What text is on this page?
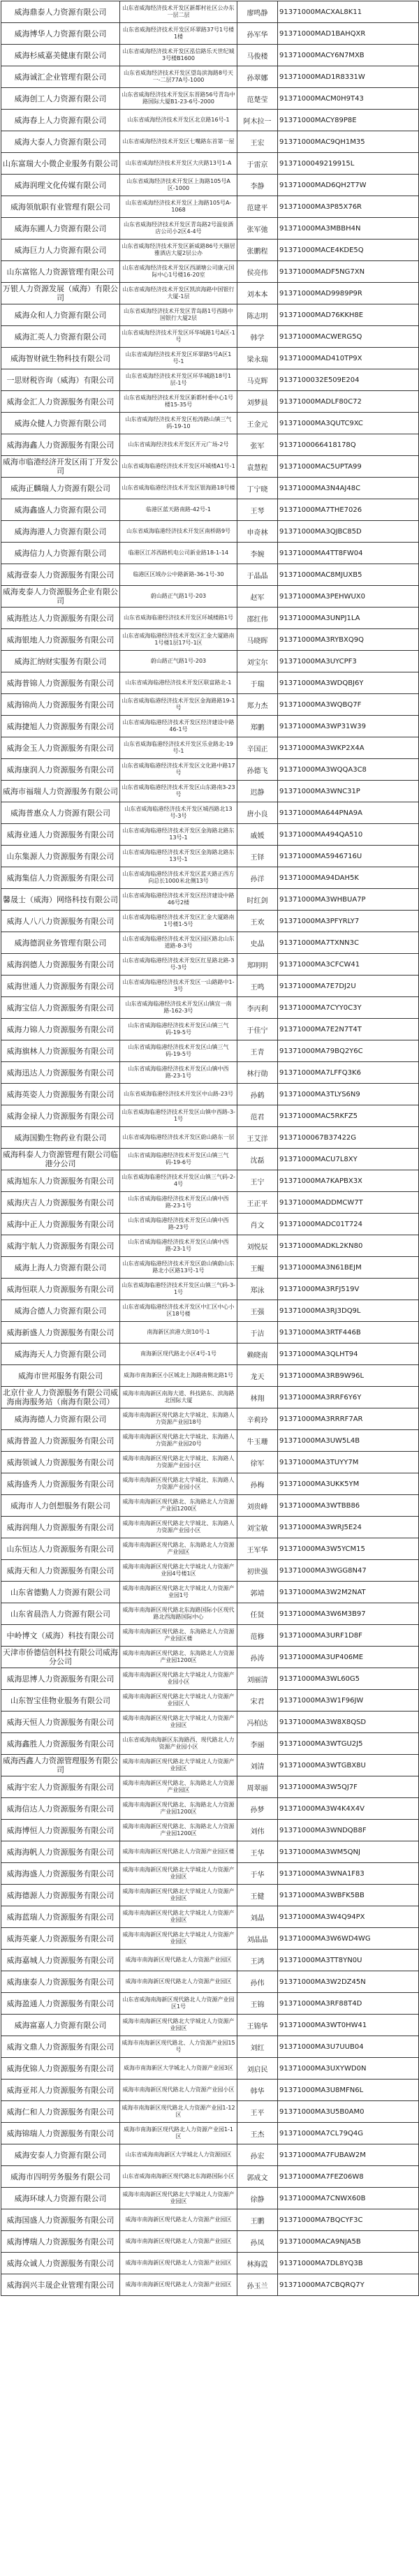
威海鼎泰人力资源有限公司	山东省威海经济技术开发区新都村社区公办东一层二层	廖鸣静	91371000MACXAL8K11
威海博华人力资源有限公司	山东省威海经济技术开发区环翠路37号1号楼1楼	孙军华	91371000MAD1BAHQXR
威海杉威嘉美健康有限公司	山东省威海经济技术开发区泓信路乐天世纪城3号楼B1600	马俊楼	91371000MACY6N7MXB
威海诚汇企业管理有限公司	山东省威海经济技术开发区望岛滨海路8号天一-二层77A号-1000	孙翠娜	91371000MAD1R8331W
威海创工人力资源有限公司	山东省威海经济技术开发区东晋路56号青岛中路国际大厦B1-23-6号-2000	范楚莹	91371000MACM0H9T43
威海春上人力资源有限公司	山东省威海经济技术开发区北京路16号-1	阿木拉一	91371000MACY89P8E
威海大泰人力资源有限公司	山东省威海经济技术开发区七嘴路东首第一屋	王宏	91371000MAC9QH1M35
山东富瑞大小微企业服务有限公司	山东省威海经济技术开发区大庆路13号1-A	于雷京	9137100049219915L
威海润理文化传媒有限公司	山东省威海经济技术开发区上海路105号A区-1000	李静	91371000MAD6QH2T7W
威海领航职有业管理有限公司	山东省威海经济技术开发区上海路105号A-1068	范建平	91371000MA3P85X76R
威海东圃人力资源有限公司	山东省威海经济技术开发区青岛路2号温泉酒店公司小2区4-4号	张军弛	91371000MA3MBBH4N
威海巨力人力资源有限公司	山东省威海经济技术开发区新威路86号天颐居雅酒店大厦2层公办	张鹏程	91371000MACE4KDE5Q
山东富铭人力资源管理有限公司	山东省威海经济技术开发区西湖塘公司康元国际中心1号楼16-20室	侯亮伟	91371000MADF5NG7XN
万银人力资源发展（威海）有限公司	山东省威海经济技术开发区凯滨海路中国银行大厦-1层	刘本本	91371000MAD9989P9R
威海众和人力资源有限公司	山东省威海经济技术开发区青岛路1号西路中国银行大厦2层	陈志明	91371000MAD76KKH8E
威海汇英人力资源有限公司	山东省威海经济技术开发区环华城路1号A区-1号	韩学	91371000MACWERG5Q
威海智财就生物科技有限公司	山东省威海经济技术开发区环翠路5号A区1号-1	梁永瑞	91371000MAD410TP9X
一思财税咨询（威海）有限公司	山东省威海经济技术开发区环华城路18号1层-1号	马克辉	9137100032E509E204
威海金汇人力资源服务有限公司	山东省威海经济技术开发区新都村委中心1号楼15-35号	刘梦晨	91371000MADLF80C72
威海众健人力资源有限公司	山东省威海经济技术开发区松涛路山镇三气码-19-10	王金元	91371000MA3QUTC9XC
威海海鑫人力资源服务有限公司	山东省威海经济技术开发区开元广场-2号	张军	9137100066418178Q
威海市临港经济开发区雨丁开发公司	山东省威海临港经济技术开发区环城楼A1号-1	袁慧程	91371000MAC5UPTA99
威海正麟瑞人力资源有限公司	山东省威海临港经济技术开发区银海路18号楼	丁宁晓	91371000MA3N4AJ48C
威海鑫盛人力资源有限公司	临港区蓝天路南路-42号-1	王琴	91371000MA7THE7026
威海海港人力资源有限公司	山东省威海临港经济技术开发区南桥路9号	申奇林	91371000MA3QJBC85D
威海信力人力资源有限公司	临港区江苏西路机电公司新业路18-1-14	李婉	91371000MA4TT8FW04
威海壹泰人力资源服务有限公司	临港区区域办公中路新路-36-1号-30	于晶晶	91371000MAC8MJUXB5
威海麦泰人力资源服务企业有限公司	蔚山路正气路1号-203	赵军	91371000MA3PEHWUX0
威海胜达人力资源服务有限公司	山东省威海临港经济技术开发区环城楼路1号	邵红伟	91371000MA3UNPJ1LA
威海银地人力资源服务有限公司	山东省威海临港经济技术开发区汇金大厦路南1号楼1层17号-1区	马晓晖	91371000MA3RYBXQ9Q
威海汇纳财实服务有限公司	蔚山路正气路1号-203	刘宝尔	91371000MA3UYCPF3
威海普锦人力资源服务有限公司	山东省威海临港经济技术开发区联富路北-1	于瑞	91371000MA3WDQBJ6Y
威海锦尚人力资源服务有限公司	山东省威海临港经济技术开发区金海路路19-1号	郑力杰	91371000MA3WQBQ7F
威海捷旭人力资源服务有限公司	山东省威海临港经济技术开发区经济建设中路46-1号	郑鹏	91371000MA3WP31W39
威海金玉人力资源服务有限公司	山东省威海临港经济技术开发区乐业路北-19号-1	辛国正	91371000MA3WKP2X4A
威海康润人力资源服务有限公司	山东省威海临港经济技术开发区文化路中路17号	孙德飞	91371000MA3WQQA3C8
威海市福瑞人力资源服务有限公司	山东省威海临港经济技术开发区山东路南3-23号	迟静	91371000MA3WNC31P
威海普惠众人力资源有限公司	山东省威海临港经济技术开发区城西路北13号-3号	唐小良	91371000MA644PNA9A
威海业通人力资源服务有限公司	山东省威海临港经济技术开发区金海路北路东13号-1	戚媛	91371000MA494QA510
山东集源人力资源服务有限公司	山东省威海临港经济技术开发区金海路北路东13号-1	王铎	91371000MA5946716U
威海集信人力资源服务有限公司	山东省威海临港经济技术开发区蓝天路正西方向总长1000米北侧13号	孙洋	91371000MA94DAH5K
馨晟士（威海）网络科技有限公司	山东省威海临港经济技术开发区经济建设中路46号2楼	时红剑	91371000MA3WHBUA7P
威海人八八力资源服务有限公司	山东省威海临港经济技术开发区汇金大厦路南1号楼1-5号	王欢	91371000MA3PFYRLY7
威海德润业务管理有限公司	山东省威海临港经济技术开发区园区路北山东道路-8-3号	史晶	91371000MA7TXNN3C
威海润德人力资源服务有限公司	山东省威海临港经济技术开发区红星路北路-3号-3号	郑明明	91371000MA3CFCW41
威海世通人力资源服务有限公司	山东省威海临港经济技术开发区一山路路中1-3号	王鸣	91371000MA7E7DJ2U
威海宝信人力资源服务有限公司	山东省威海临港经济技术开发区山镇宜一南路-162-3号	李丙利	91371000MA7CYY0C3Y
威海力锦人力资源服务有限公司	山东省威海临港经济技术开发区山镇三气码-19-5号	于佳宁	91371000MA7E2N7T4T
威海旗林人力资源服务有限公司	山东省威海临港经济技术开发区山镇三气码-19-5号	王青	91371000MA79BQ2Y6C
威海迅达人力资源服务有限公司	山东省威海临港经济技术开发区山镇中西路-23-1号	林行勋	91371000MA7LFFQ3K6
威海英姿人力资源服务有限公司	山东省威海临港经济技术开发区中山路-23号	孙鹤	91371000MA3TLYS6N9
威海金禄人力资源服务有限公司	山东省威海临港经济技术开发区山镇中西路-3-1号	范君	91371000MAC5RKFZ5
威海国勤生物药业有限公司	山东省威海临港经济技术开发区蔚山路东一层	王艾洋	9137100067B37422G
威海科泰人力资源管理有限公司临港分公司	山东省威海临港经济技术开发区山镇三气码-19-6号	沈磊	91371000MACU7L8XY
威海旭东人力资源服务有限公司	山东省威海临港经济技术开发区山镇三气码-2-4号	王宁	91371000MA7KAPBX3X
威海庆吉人力资源服务有限公司	山东省威海临港经济技术开发区山镇中西路-23-1号	王正平	91371000MADDMCW7T
威海中正人力资源服务有限公司	山东省威海临港经济技术开发区山镇中西路-23号	肖文	91371000MADC01T724
威海宇航人力资源服务有限公司	山东省威海临港经济技术开发区山镇中西路-23-1号	刘悦辰	91371000MADKL2KN80
威海上海人力资源有限公司	山东省威海临港经济技术开发区蔚山镇蔚山东路北小区路13号-1号	王鲲	91371000MA3N61BEJM
威海恒联人力资源服务有限公司	山东省威海临港经济技术开发区山镇三气码-3-1号	郑泳	91371000MA3RFJ519V
威海合德人力资源有限公司	山东省威海临港经济技术开发区中汇区中心小区18号楼	王强	91371000MA3RJ3DQ9L
威海新盛人力资源服务有限公司	南海新区滨港大街10号-1	于洁	91371000MA3RTF446B
威海海天人力资源有限公司	南海新区现代路北小区4号-1号	赖晓南	91371000MA3QLHT94
威海市世邦服务有限公司	威海市南海新区小区城北上海路南侧北路1号	龙天	91371000MA3RB9W96L
北京什业人力资源服务有限公司威海南海服务站（南海有限公司）	威海市南海新区南海大道、科技路东、滨海路北国际大厦	林翔	91371000MA3RRF6Y6Y
威海海德人力资源有限公司	威海市南海新区现代路北大学城北、东海路人力资源产业园18号	辛莉玲	91371000MA3RRRF7AR
威海普盈人力资源服务有限公司	威海市南海新区现代路北大学城北、东海路人力资源产业园20号	牛玉珊	91371000MA3UW5L4B
威海领诚人力资源服务有限公司	威海市南海新区现代路北大学城北、东海路人力资源产业园小区	徐军	91371000MA3TUYY7M
威海盛秀人力资源服务有限公司	威海市南海新区现代路北大学城北、东海路人力资源产业园小区	孙梅	91371000MA3UKK5YM
威海市人力创想服务有限公司	威海市南海新区现代路北、东海路北人力资源产业园1200区	刘贵峰	91371000MA3WTBB86
威海润翔人力资源服务有限公司	威海市南海新区现代路北大学城北、东海路人力资源产业园小区	刘宝敏	91371000MA3WRJ5E24
山东恒达人力资源服务有限公司	威海市南海新区现代路北、东海路北人力资源产业园区	王军华	91371000MA3W5YCM15
威海天和人力资源服务有限公司	威海市南海新区现代路北大学城北人力资源产业园4号楼1区	初世强	91371000MA3WGG8N47
山东省德勤人力资源有限公司	威海市南海新区现代路北大学城北人力资源产业园1号	郭靖	91371000MA3W2M2NAT
山东省晨浩人力资源有限公司	威海市南海新区现代路北东海路国际小区现代路北西海路国际中心	任贤	91371000MA3W6M3B97
中岭博文（威海）科技有限公司	威海市南海新区现代路北、东海路北人力资源产业园区楼	范修	91371000MA3URF1D8F
天津市侨德信创科技有限公司威海分公司	威海市南海新区现代路北、东海路北人力资源产业园1200区	孙涛	91371000MA3UP406ME
威海思博人力资源服务有限公司	威海市南海新区现代路北大学城北人力资源产业园小区	刘丽清	91371000MA3WL60G5
山东智宝佳物业服务有限公司	威海市南海新区现代路北大学城北人力资源产业园区人	宋君	91371000MA3W1F96JW
威海天恒人力资源服务有限公司	威海市南海新区现代路北大学城北人力资源产业园区	冯柏达	91371000MA3W8X8QSD
威海鑫胜人力资源服务有限公司	山东省威海南海新区东海路西、现代路北人力资源产业园小区	李丽	91371000MA3WTGU2J5
威海西鑫人力资源管理服务有限公司	威海市南海新区现代路北大学城北人力资源产业园区	刘清	91371000MA3WTGBX8U
威海宇宏人力资源服务有限公司	威海市南海新区现代路北、东海路北人力资源产业园区	周翠丽	91371000MA3W5QJ7F
威海信达人力资源服务有限公司	威海市南海新区现代路北、东海路北人力资源产业园1200区	孙梦	91371000MA3W4K4X4V
威海博恒人力资源服务有限公司	威海市南海新区现代路北、东海路北人力资源产业园1200区	刘伟	91371000MA3WNDQB8F
威海海帆人力资源服务有限公司	威海市南海新区现代路北人力资源产业园区楼	王华	91371000MA3WM5QNJ
威海海盛人力资源服务有限公司	威海市南海新区现代路北大学城北人力资源产业园区	于华	91371000MA3WNA1F83
威海德源人力资源服务有限公司	威海市南海新区现代路北大学城北人力资源产业园区	王健	91371000MA3WBFK5BB
威海蓝瑞人力资源服务有限公司	威海市南海新区现代路北大学城北人力资源产业园区	刘晶	91371000MA3W4Q94PX
威海英豪人力资源服务有限公司	威海市南海新区现代路北大学城北人力资源产业园区	刘晶晶	91371000MA3W6WD4WG
威海嘉城人力资源服务有限公司	威海市南海新区现代路北人力资源产业园区	王鸿	91371000MA3TT8YN0U
威海康泰人力资源服务有限公司	威海市南海新区现代路北人力资源产业园区	孙伟	91371000MA3W2DZ45N
威海盈通人力资源服务有限公司	山东省威海南海新区现代路北人力资源产业园区1号	王锦	91371000MA3RF88T4D
威海富嘉人力资源有限公司	威海市南海新区现代路北大学城北人力资源产业园区	王锦华	91371000MA3WT0HW41
威海文鼎人力资源服务有限公司	威海市南海新区现代路北、人力资源产业园15号	刘红	91371000MA3U7UUB04
威海优锦人力资源服务有限公司	威海市南海新区大学城北人力资源产业园3区	刘启民	91371000MA3UXYWD0N
威海亚邦人力资源服务有限公司	威海市南海新区现代路北人力资源产业园小区	韩华	91371000MA3U8MFN6L
威海仁和人力资源服务有限公司	威海市南海新区现代路北人力资源产业园1-12区	王平	91371000MA3U5B0AM0
威海锦瑞人力资源服务有限公司	威海市南海新区现代路北人力资源产业园1-1区	王杰	91371000MA7CL79Q4G
威海安泰人力资源有限公司	山东省威海南海新区大学城北人力资源园区	孙宏	91371000MA7FUBAW2M
威海市四明劳务服务有限公司	山东省威海南海新区现代路北东海路国际小区	郭成文	91371000MA7FEZ06W8
威海环球人力资源有限公司	威海市南海新区现代路北大学城北人力资源产业园区	徐静	91371000MA7CNWX60B
威海国盛人力资源服务有限公司	威海市南海新区现代路北人力资源产业园区	王鹏	91371000MA7BQCYF3C
威海博瑞人力资源服务有限公司	威海市南海新区现代路北人力资源产业园区	孙凤	91371000MACA9NJA5B
威海众诚人力资源服务有限公司	威海市南海新区现代路北人力资源产业园区	林海霞	91371000MA7DL8YQ3B
威海润兴丰晟企业管理有限公司	威海市南海新区现代路北人力资源产业园区	孙玉兰	91371000MA7CBQRQ7Y
